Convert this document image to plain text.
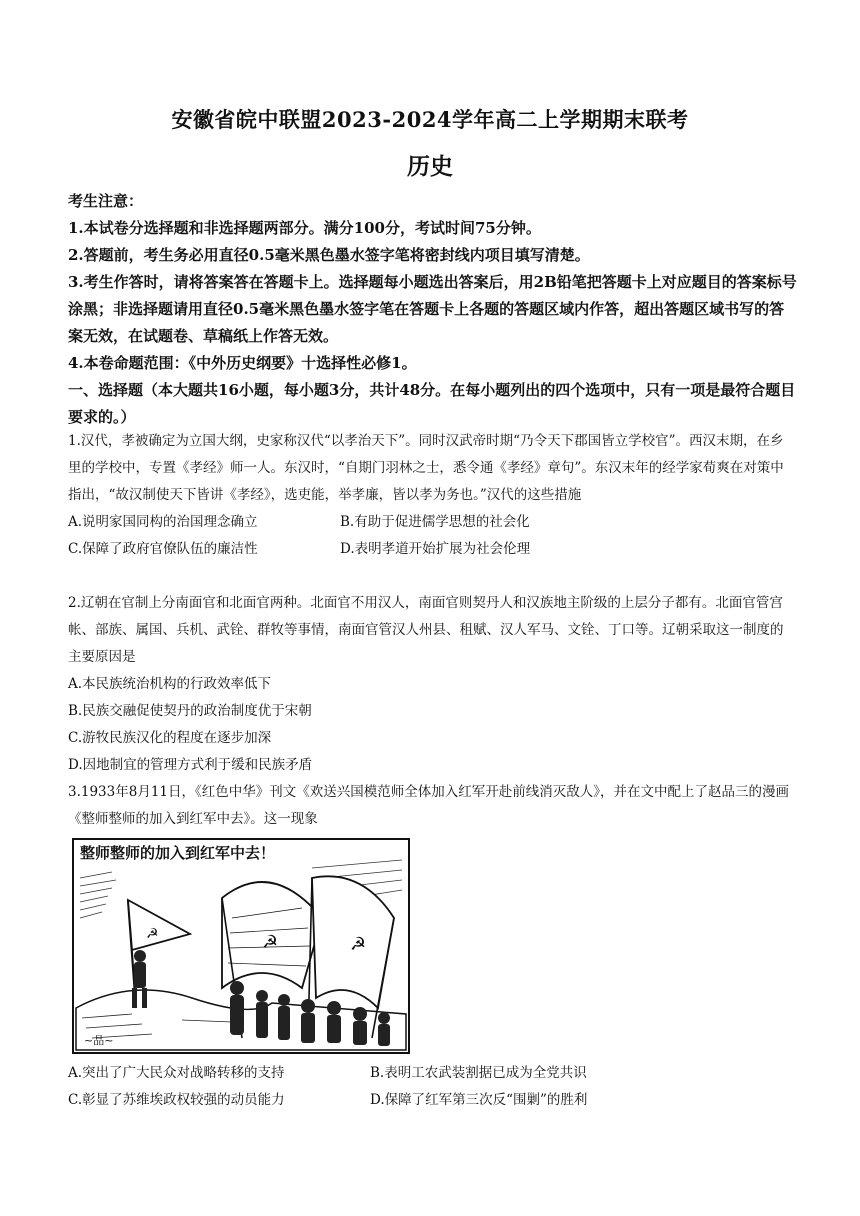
安徽省皖中联盟2023-2024学年高二上学期期末联考
历史

考生注意：

1.本试卷分选择题和非选择题两部分。满分100分，考试时间75分钟。

2.答题前，考生务必用直径0.5毫米黑色墨水签字笔将密封线内项目填写清楚。

3.考生作答时，请将答案答在答题卡上。选择题每小题选出答案后，用2B铅笔把答题卡上对应题目的答案标号涂黑；非选择题请用直径0.5毫米黑色墨水签字笔在答题卡上各题的答题区域内作答，超出答题区域书写的答案无效，在试题卷、草稿纸上作答无效。

4.本卷命题范围：《中外历史纲要》十选择性必修1。

一、选择题（本大题共16小题，每小题3分，共计48分。在每小题列出的四个选项中，只有一项是最符合题目要求的。）

1.汉代，孝被确定为立国大纲，史家称汉代“以孝治天下”。同时汉武帝时期“乃令天下郡国皆立学校官”。西汉末期，在乡里的学校中，专置《孝经》师一人。东汉时，“自期门羽林之士，悉令通《孝经》章句”。东汉末年的经学家荀爽在对策中指出，“故汉制使天下皆讲《孝经》，选吏能，举孝廉，皆以孝为务也。”汉代的这些措施

A.说明家国同构的治国理念确立	B.有助于促进儒学思想的社会化
C.保障了政府官僚队伍的廉洁性	D.表明孝道开始扩展为社会伦理

2.辽朝在官制上分南面官和北面官两种。北面官不用汉人，南面官则契丹人和汉族地主阶级的上层分子都有。北面官管宫帐、部族、属国、兵机、武铨、群牧等事情，南面官管汉人州县、租赋、汉人军马、文铨、丁口等。辽朝采取这一制度的主要原因是

A.本民族统治机构的行政效率低下

B.民族交融促使契丹的政治制度优于宋朝

C.游牧民族汉化的程度在逐步加深

D.因地制宜的管理方式利于缓和民族矛盾

3.1933年8月11日，《红色中华》刊文《欢送兴国模范师全体加入红军开赴前线消灭敌人》，并在文中配上了赵品三的漫画《整师整师的加入到红军中去》。这一现象

整师整师的加入到红军中去！
☭	☭	☭
~品~
A.突出了广大民众对战略转移的支持	B.表明工农武装割据已成为全党共识
C.彰显了苏维埃政权较强的动员能力	D.保障了红军第三次反“围剿”的胜利
